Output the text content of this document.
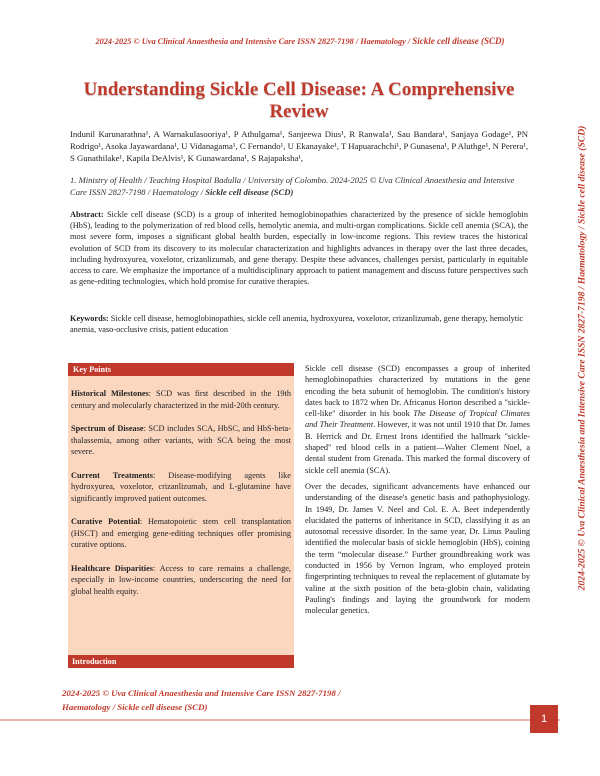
2024-2025 © Uva Clinical Anaesthesia and Intensive Care ISSN 2827-7198 / Haematology / Sickle cell disease (SCD)
Understanding Sickle Cell Disease: A Comprehensive Review
Indunil Karunarathna¹, A Warnakulasooriya¹, P Athulgama¹, Sanjeewa Dius¹, R Ranwala¹, Sau Bandara¹, Sanjaya Godage¹, PN Rodrigo¹, Asoka Jayawardana¹, U Vidanagama¹, C Fernando¹, U Ekanayake¹, T Hapuarachchi¹, P Gunasena¹, P Aluthge¹, N Perera¹, S Gunathilake¹, Kapila DeAlvis¹, K Gunawardana¹, S Rajapaksha¹,
1. Ministry of Health / Teaching Hospital Badulla / University of Colombo. 2024-2025 © Uva Clinical Anaesthesia and Intensive Care ISSN 2827-7198 / Haematology / Sickle cell disease (SCD)
Abstract: Sickle cell disease (SCD) is a group of inherited hemoglobinopathies characterized by the presence of sickle hemoglobin (HbS), leading to the polymerization of red blood cells, hemolytic anemia, and multi-organ complications. Sickle cell anemia (SCA), the most severe form, imposes a significant global health burden, especially in low-income regions. This review traces the historical evolution of SCD from its discovery to its molecular characterization and highlights advances in therapy over the last three decades, including hydroxyurea, voxelotor, crizanlizumab, and gene therapy. Despite these advances, challenges persist, particularly in equitable access to care. We emphasize the importance of a multidisciplinary approach to patient management and discuss future perspectives such as gene-editing technologies, which hold promise for curative therapies.
Keywords: Sickle cell disease, hemoglobinopathies, sickle cell anemia, hydroxyurea, voxelotor, crizanlizumab, gene therapy, hemolytic anemia, vaso-occlusive crisis, patient education	2024-2025 © Uva Clinical Anaesthesia and Intensive Care ISSN 2827-7198 / Haematology / Sickle cell disease (SCD)
Key Points

Historical Milestones: SCD was first described in the 19th century and molecularly characterized in the mid-20th century.

Spectrum of Disease: SCD includes SCA, HbSC, and HbS-beta-thalassemia, among other variants, with SCA being the most severe.

Current Treatments: Disease-modifying agents like hydroxyurea, voxelotor, crizanlizumab, and L-glutamine have significantly improved patient outcomes.

Curative Potential: Hematopoietic stem cell transplantation (HSCT) and emerging gene-editing techniques offer promising curative options.

Healthcare Disparities: Access to care remains a challenge, especially in low-income countries, underscoring the need for global health equity.

Introduction

Sickle cell disease (SCD) encompasses a group of inherited hemoglobinopathies characterized by mutations in the gene encoding the beta subunit of hemoglobin. The condition's history dates back to 1872 when Dr. Africanus Horton described a "sickle-cell-like" disorder in his book The Disease of Tropical Climates and Their Treatment. However, it was not until 1910 that Dr. James B. Herrick and Dr. Ernest Irons identified the hallmark "sickle-shaped" red blood cells in a patient—Walter Clement Noel, a dental student from Grenada. This marked the formal discovery of sickle cell anemia (SCA).

Over the decades, significant advancements have enhanced our understanding of the disease's genetic basis and pathophysiology. In 1949, Dr. James V. Neel and Col. E. A. Beet independently elucidated the patterns of inheritance in SCD, classifying it as an autosomal recessive disorder. In the same year, Dr. Linus Pauling identified the molecular basis of sickle hemoglobin (HbS), coining the term “molecular disease.” Further groundbreaking work was conducted in 1956 by Vernon Ingram, who employed protein fingerprinting techniques to reveal the replacement of glutamate by valine at the sixth position of the beta-globin chain, validating Pauling's findings and laying the groundwork for modern molecular genetics.

2024-2025 © Uva Clinical Anaesthesia and Intensive Care ISSN 2827-7198 /
Haematology / Sickle cell disease (SCD)
1
